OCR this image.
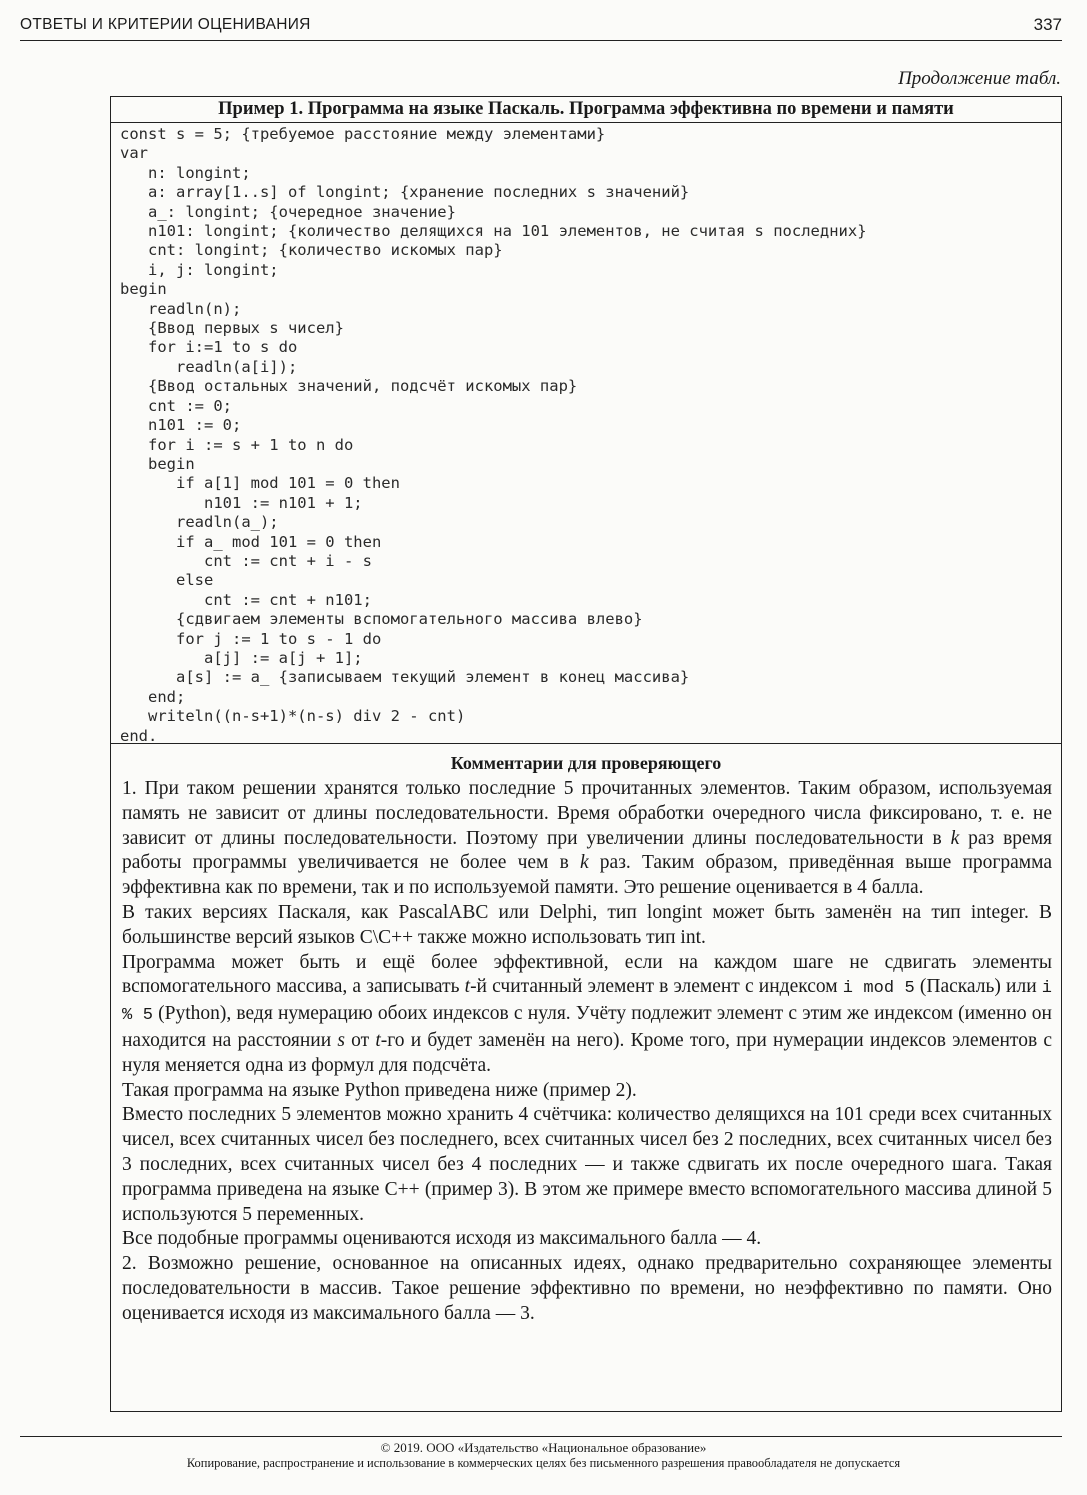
ОТВЕТЫ И КРИТЕРИИ ОЦЕНИВАНИЯ	337
Продолжение табл.
Пример 1. Программа на языке Паскаль. Программа эффективна по времени и памяти
const s = 5; {требуемое расстояние между элементами}
var
n: longint;
a: array[1..s] of longint; {хранение последних s значений}
a_: longint; {очередное значение}
n101: longint; {количество делящихся на 101 элементов, не считая s последних}
cnt: longint; {количество искомых пар}
i, j: longint;
begin
readln(n);
{Ввод первых s чисел}
for i:=1 to s do
readln(a[i]);
{Ввод остальных значений, подсчёт искомых пар}
cnt := 0;
n101 := 0;
for i := s + 1 to n do
begin
if a[1] mod 101 = 0 then
n101 := n101 + 1;
readln(a_);
if a_ mod 101 = 0 then
cnt := cnt + i - s
else
cnt := cnt + n101;
{сдвигаем элементы вспомогательного массива влево}
for j := 1 to s - 1 do
a[j] := a[j + 1];
a[s] := a_ {записываем текущий элемент в конец массива}
end;
writeln((n-s+1)*(n-s) div 2 - cnt)
end.
Комментарии для проверяющего

1. При таком решении хранятся только последние 5 прочитанных элементов. Таким образом, используемая память не зависит от длины последовательности. Время обработки очередного числа фиксировано, т. е. не зависит от длины последовательности. Поэтому при увеличении длины последовательности в k раз время работы программы увеличивается не более чем в k раз. Таким образом, приведённая выше программа эффективна как по времени, так и по используемой памяти. Это решение оценивается в 4 балла.

В таких версиях Паскаля, как PascalABC или Delphi, тип longint может быть заменён на тип integer. В большинстве версий языков C\C++ также можно использовать тип int.

Программа может быть и ещё более эффективной, если на каждом шаге не сдвигать элементы вспомогательного массива, а записывать t-й считанный элемент в элемент с индексом i mod 5 (Паскаль) или i % 5 (Python), ведя нумерацию обоих индексов с нуля. Учёту подлежит элемент с этим же индексом (именно он находится на расстоянии s от t-го и будет заменён на него). Кроме того, при нумерации индексов элементов с нуля меняется одна из формул для подсчёта.

Такая программа на языке Python приведена ниже (пример 2).

Вместо последних 5 элементов можно хранить 4 счётчика: количество делящихся на 101 среди всех считанных чисел, всех считанных чисел без последнего, всех считанных чисел без 2 последних, всех считанных чисел без 3 последних, всех считанных чисел без 4 последних — и также сдвигать их после очередного шага. Такая программа приведена на языке C++ (пример 3). В этом же примере вместо вспомогательного массива длиной 5 используются 5 переменных.

Все подобные программы оцениваются исходя из максимального балла — 4.

2. Возможно решение, основанное на описанных идеях, однако предварительно сохраняющее элементы последовательности в массив. Такое решение эффективно по времени, но неэффективно по памяти. Оно оценивается исходя из максимального балла — 3.

© 2019. ООО «Издательство «Национальное образование»
Копирование, распространение и использование в коммерческих целях без письменного разрешения правообладателя не допускается
